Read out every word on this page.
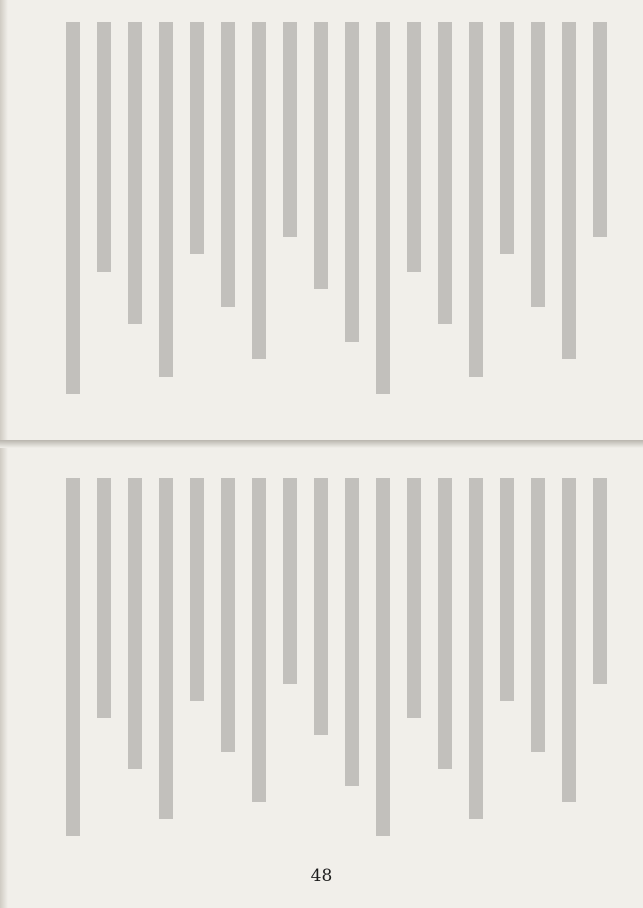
48
